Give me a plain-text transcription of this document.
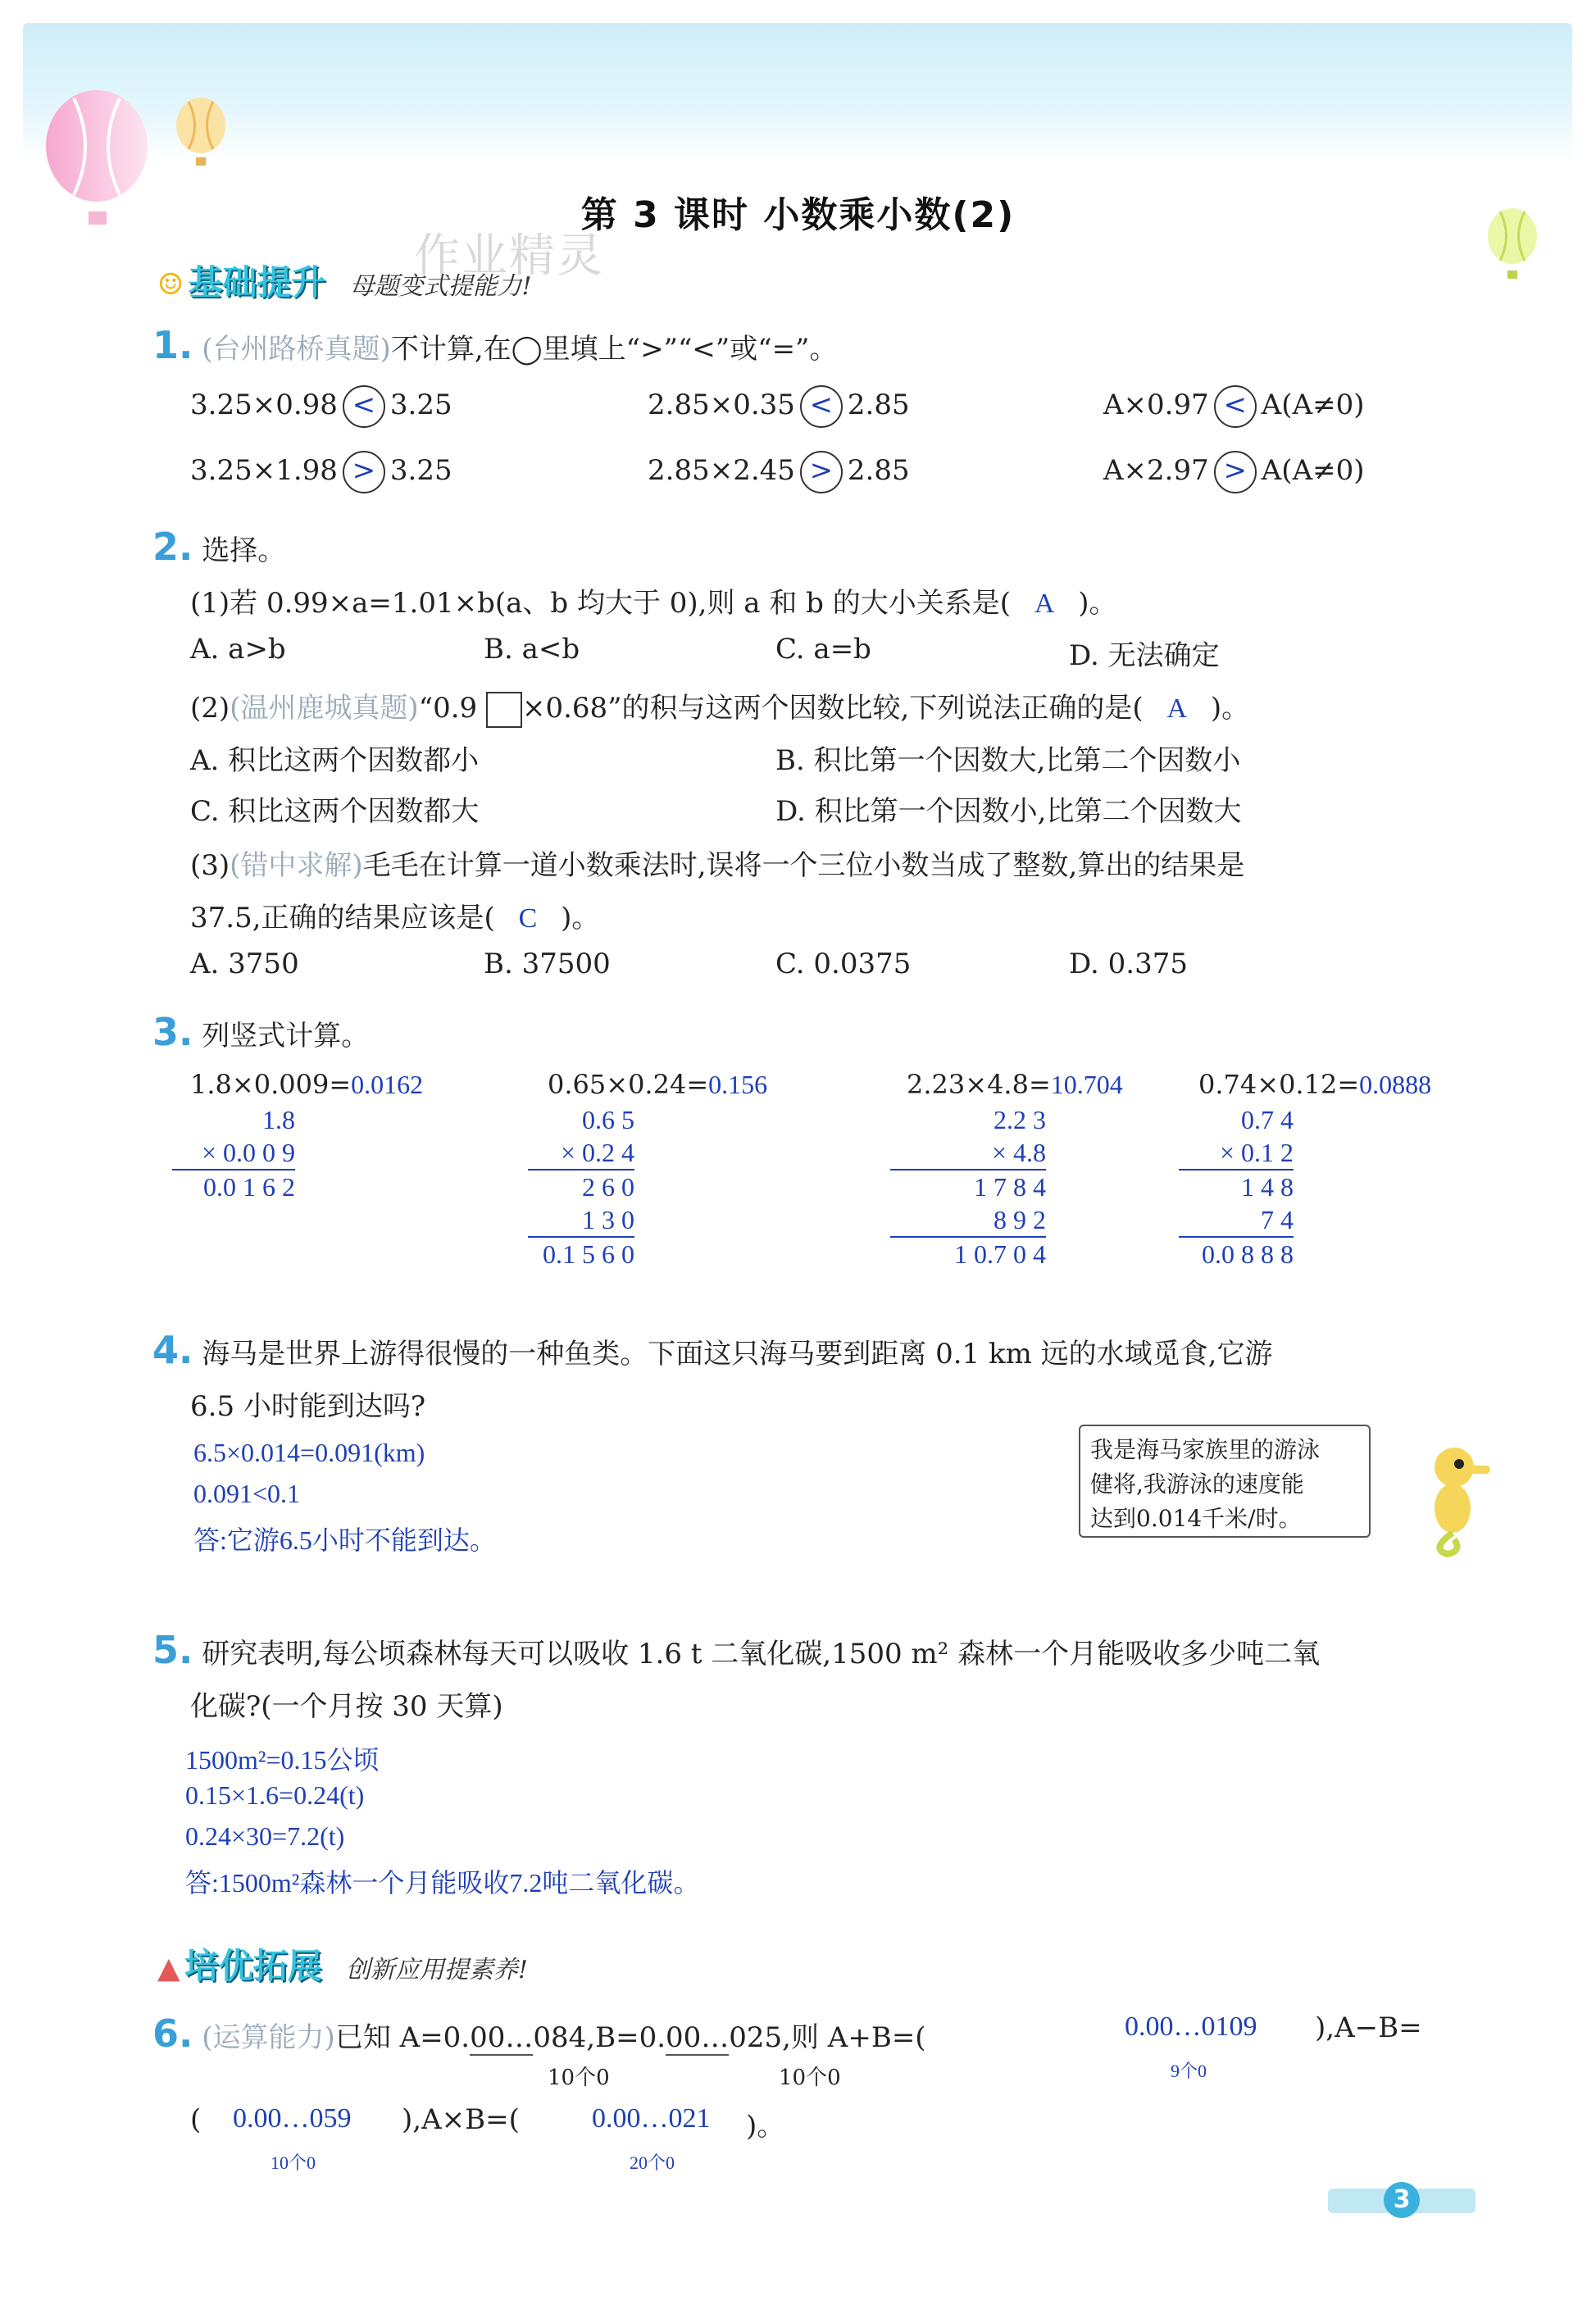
第 3 课时 小数乘小数(2)
作业精灵
☺ 基础提升 母题变式提能力!
1. (台州路桥真题)不计算,在◯里填上“>”“<”或“=”。
3.25×0.98 < 3.25	2.85×0.35 < 2.85	A×0.97 < A(A≠0)
3.25×1.98 > 3.25	2.85×2.45 > 2.85	A×2.97 > A(A≠0)
2. 选择。
(1)若 0.99×a=1.01×b(a、b 均大于 0),则 a 和 b 的大小关系是( A )。
A. a>b	B. a<b	C. a=b	D. 无法确定
(2)(温州鹿城真题)“0.9 ×0.68”的积与这两个因数比较,下列说法正确的是( A )。
A. 积比这两个因数都小	B. 积比第一个因数大,比第二个因数小
C. 积比这两个因数都大	D. 积比第一个因数小,比第二个因数大
(3)(错中求解)毛毛在计算一道小数乘法时,误将一个三位小数当成了整数,算出的结果是
37.5,正确的结果应该是( C )。
A. 3750	B. 37500	C. 0.0375	D. 0.375
3. 列竖式计算。
1.8×0.009=0.0162
1.8
× 0.0 0 9
0.0 1 6 2
0.65×0.24=0.156
0.6 5
× 0.2 4
2 6 0
1 3 0
0.1 5 6 0
2.23×4.8=10.704
2.2 3
× 4.8
1 7 8 4
8 9 2
1 0.7 0 4
0.74×0.12=0.0888
0.7 4
× 0.1 2
1 4 8
7 4
0.0 8 8 8
4. 海马是世界上游得很慢的一种鱼类。下面这只海马要到距离 0.1 km 远的水域觅食,它游
6.5 小时能到达吗?
6.5×0.014=0.091(km)
0.091<0.1
答:它游6.5小时不能到达。
我是海马家族里的游泳
健将,我游泳的速度能
达到0.014千米/时。
5. 研究表明,每公顷森林每天可以吸收 1.6 t 二氧化碳,1500 m² 森林一个月能吸收多少吨二氧
化碳?(一个月按 30 天算)
1500m²=0.15公顷
0.15×1.6=0.24(t)
0.24×30=7.2(t)
答:1500m²森林一个月能吸收7.2吨二氧化碳。
▲ 培优拓展 创新应用提素养!
6. (运算能力)已知 A=0.00…084,B=0.00…025,则 A+B=(	0.00…0109
9个0
),A−B=
10个0	10个0
( 0.00…059
10个0
),A×B=(	0.00…021
20个0
)。
3
